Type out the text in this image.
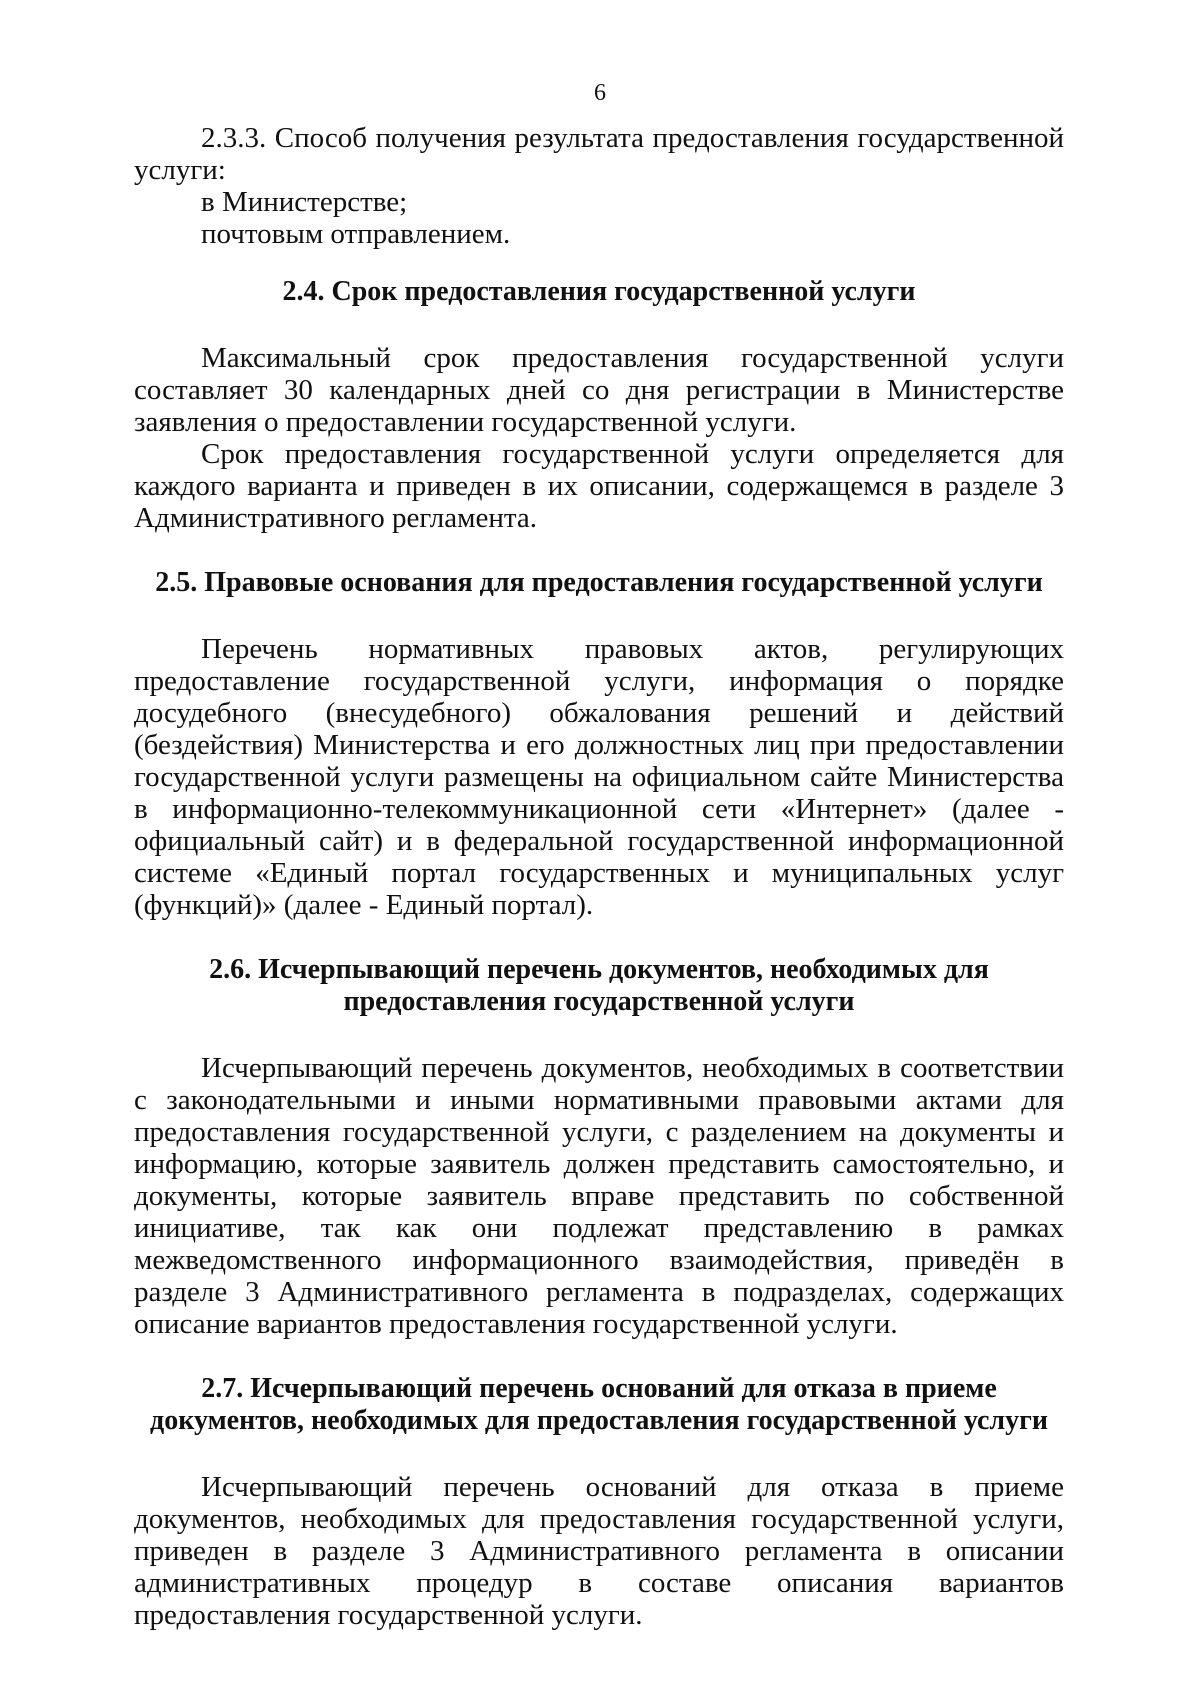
6

2.3.3. Способ получения результата предоставления государственной услуги:

в Министерстве;

почтовым отправлением.

2.4. Срок предоставления государственной услуги

Максимальный срок предоставления государственной услуги составляет 30 календарных дней со дня регистрации в Министерстве заявления о предоставлении государственной услуги.

Срок предоставления государственной услуги определяется для каждого варианта и приведен в их описании, содержащемся в разделе 3 Административного регламента.

2.5. Правовые основания для предоставления государственной услуги

Перечень нормативных правовых актов, регулирующих предоставление государственной услуги, информация о порядке досудебного (внесудебного) обжалования решений и действий (бездействия) Министерства и его должностных лиц при предоставлении государственной услуги размещены на официальном сайте Министерства в информационно-телекоммуникационной сети «Интернет» (далее - официальный сайт) и в федеральной государственной информационной системе «Единый портал государственных и муниципальных услуг (функций)» (далее - Единый портал).

2.6. Исчерпывающий перечень документов, необходимых для
предоставления государственной услуги

Исчерпывающий перечень документов, необходимых в соответствии с законодательными и иными нормативными правовыми актами для предоставления государственной услуги, с разделением на документы и информацию, которые заявитель должен представить самостоятельно, и документы, которые заявитель вправе представить по собственной инициативе, так как они подлежат представлению в рамках межведомственного информационного взаимодействия, приведён в разделе 3 Административного регламента в подразделах, содержащих описание вариантов предоставления государственной услуги.

2.7. Исчерпывающий перечень оснований для отказа в приеме
документов, необходимых для предоставления государственной услуги

Исчерпывающий перечень оснований для отказа в приеме документов, необходимых для предоставления государственной услуги, приведен в разделе 3 Административного регламента в описании административных процедур в составе описания вариантов предоставления государственной услуги.
